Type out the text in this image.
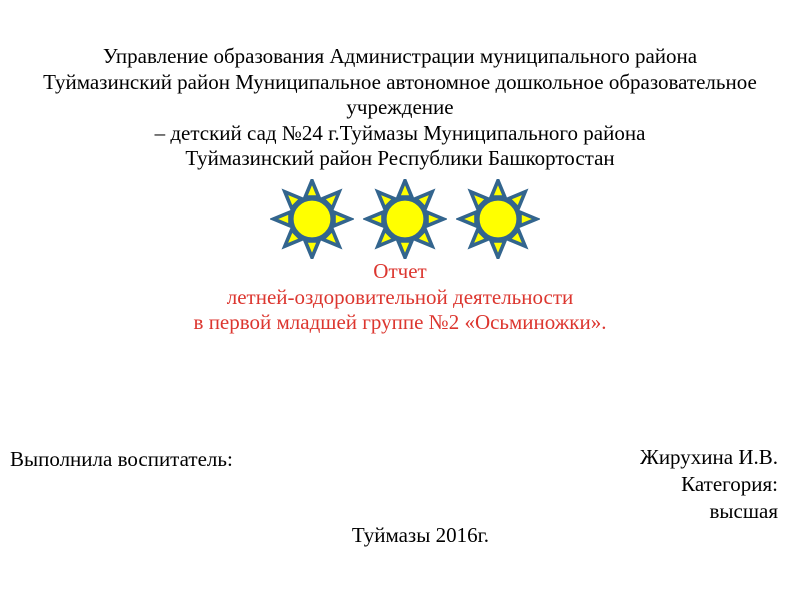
Управление образования Администрации муниципального района
Туймазинский район Муниципальное автономное дошкольное образовательное
учреждение
– детский сад №24 г.Туймазы Муниципального района
Туймазинский район Республики Башкортостан
Отчет
летней-оздоровительной деятельности
в первой младшей группе №2 «Осьминожки».
Выполнила воспитатель:	Жирухина И.В.
Категория:
высшая
Туймазы 2016г.
